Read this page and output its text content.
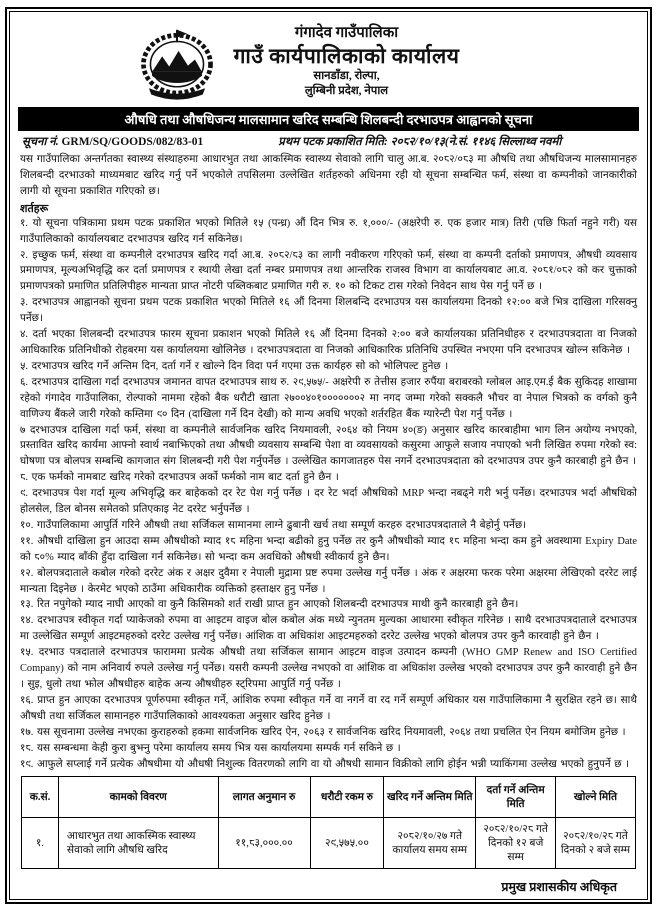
गंगादेव गाउँपालिका
गाउँ कार्यपालिकाको कार्यालय
सानडाँडा, रोल्पा,
लुम्बिनी प्रदेश, नेपाल
औषधि तथा औषधिजन्य मालसामान खरिद सम्बन्धि शिलबन्दी दरभाउपत्र आह्वानको सूचना
सूचना नं. GRM/SQ/GOODS/082/83-01	प्रथम पटक प्रकाशित मिति: २०८२/१०/१३(ने.सं. ११४६ सिल्लाथ्व नवमी

यस गाउँपालिका अन्तर्गतका स्वास्थ्य संस्थाहरुमा आधारभुत तथा आकस्मिक स्वास्थ्य सेवाको लागि चालु आ.ब. २०८२/०८३ मा औषधि तथा औषधिजन्य मालसामानहरु शिलबन्दी दरभाउको माध्यमबाट खरिद गर्नु पर्ने भएकोले तपसिलमा उल्लेखित शर्तहरुको अधिनमा रही यो सूचना सम्बन्धित फर्म, संस्था वा कम्पनीको जानकारीको लागी यो सूचना प्रकाशित गरिएको छ।

शर्तहरू

१. यो सूचना पत्रिकामा प्रथम पटक प्रकाशित भएको मितिले १५ (पन्ध्र) औं दिन भित्र रु. १,०००/- (अक्षरेपी रु. एक हजार मात्र) तिरी (पछि फिर्ता नहुने गरी) यस गाउँपालिकाको कार्यालयबाट दरभाउपत्र खरिद गर्न सकिनेछ।

२. इच्छुक फर्म, संस्था वा कम्पनीले दरभाउपत्र खरिद गर्दा आ.ब. २०८२/८३ का लागी नवीकरण गरिएको फर्म, संस्था वा कम्पनी दर्ताको प्रमाणपत्र, औषधी व्यवसाय प्रमाणपत्र, मूल्यअभिवृद्धि कर दर्ता प्रमाणपत्र र स्थायी लेखा दर्ता नम्बर प्रमाणपत्र तथा आन्तरिक राजस्व विभाग वा कार्यालयबाट आ.व. २०८१/०८२ को कर चुक्ताको प्रमाणपत्रको प्रमाणित प्रतिलिपीहरु मान्यता प्राप्त नोटरी पब्लिकबाट प्रमाणित गरी रु. १० को टिकट टास गरेको निवेदन साथ पेस गर्नु पर्ने छ ।

३. दरभाउपत्र आह्वानको सूचना प्रथम पटक प्रकाशित भएको मितिले १६ औं दिनमा शिलबन्दि दरभाउपत्र यस कार्यालयमा दिनको १२:०० बजे भित्र दाखिला गरिसक्नु पर्नेछ।

४. दर्ता भएका शिलबन्दी दरभाउपत्र फारम सूचना प्रकाशन भएको मितिले १६ औं दिनमा दिनको २:०० बजे कार्यालयका प्रतिनिधीहरु र दरभाउपत्रदाता वा निजको आधिकारिक प्रतिनिधीको रोहबरमा यस कार्यालयमा खोलिनेछ । दरभाउपत्रदाता वा निजको आधिकारिक प्रतिनिधि उपस्थित नभएमा पनि दरभाउपत्र खोल्न सकिनेछ ।

५. दरभाउपत्र खरिद गर्ने अन्तिम दिन, दर्ता गर्ने र खोल्ने दिन विदा पर्न गएमा उक्त कार्यहरु सो को भोलिपल्ट हुनेछ ।

६. दरभाउपत्र दाखिला गर्दा दरभाउपत्र जमानत वापत दरभाउपत्र साथ रु. २९,५७५/- अक्षरेपी रु तेत्तीस हजार रुपैंया बराबरको ग्लोबल आइ.एम.ई बैक सुकिदह शाखामा रहेको गंगादेव गाउँपालिका, रोल्पाको नाममा रहेको बैक धरौटी खाता २७००४०१०००००००२ मा नगद जम्मा गरेको सक्कलै भौचर वा नेपाल भित्रको क वर्गको कुनै वाणिज्य बैंकले जारी गरेको कम्तिमा ९० दिन (दाखिला गर्ने दिन देखी) को मान्य अवधि भएको शर्तरहित बैंक ग्यारेन्टी पेश गर्नु पर्नेछ ।

७ दरभाउपत्र दाखिला गर्दा फर्म, संस्था वा कम्पनीले सार्वजनिक खरिद नियमावली, २०६४ को नियम ४०(ङ) अनुसार खरिद कारबाहीमा भाग लिन अयोग्य नभएको, प्रस्तावित खरिद कार्यमा आफ्नो स्वार्थ नबाझिएको तथा औषधी व्यवसाय सम्बन्धि पेशा वा व्यवसायको कसुरमा आफुले सजाय नपाएको भनी लिखित रुपमा गरेको स्व: घोषणा पत्र बोलपत्र सम्बन्धि कागजात संग शिलबन्दी गरी पेश गर्नुपर्नेछ । उल्लेखित कागजातहरु पेस नगर्ने दरभाउपत्रदाता को दरभाउपत्र उपर कुनै कारबाही हुने छैन ।

८. एक फर्मको नामबाट खरिद गरेको दरभाउपत्र अर्को फर्मको नाम बाट दर्ता हुने छैन ।

९. दरभाउपत्र पेश गर्दा मूल्य अभिवृद्धि कर बाहेकको दर रेट पेश गर्नु पर्नेछ । दर रेट भर्दा औषधिको MRP भन्दा नबढ्ने गरी भर्नु पर्नेछ। दरभाउपत्र भर्दा औषधिको होलसेल, डिल बोनस समेतको प्रतिएकाइ नेट दररेट भर्नुपर्नेछ ।

१०. गाउँपालिकामा आपुर्ति गरिने औषधी तथा सर्जिकल सामानमा लाग्ने ढुबानी खर्च तथा सम्पूर्ण करहरु दरभाउपत्रदाताले नै बेहोर्नु पर्नेछ।

११. औषधी दाखिला हुन आउदा सम्म औषधीको म्याद १८ महिना भन्दा बढीको हुनु पर्नेछ तर कुनै औषधीको म्याद १८ महिना भन्दा कम हुने अवस्थामा Expiry Date को ८०% म्याद बाँकी हुँदा दाखिला गर्न सकिनेछ। सो भन्दा कम अवधिको औषधी स्वीकार्य हुने छैन।

१२. बोलपत्रदाताले कबोल गरेको दररेट अंक र अक्षर दुवैमा र नेपाली मुद्रामा प्रष्ट रुपमा उल्लेख गर्नु पर्नेछ । अंक र अक्षरमा फरक परेमा अक्षरमा लेखिएको दररेट लाई मान्यता दिइनेछ । केरमेट भएको ठाउँमा अधिकारीक व्यक्तिको हस्ताक्षर हुनु पर्नेछ ।

१३. रित नपुगेको म्याद नाघी आएको वा कुनै किसिमको शर्त राखी प्राप्त हुन आएको शिलबन्दी दरभाउपत्र माथी कुनै कारबाही हुने छैन।

१४. दरभाउपत्र स्वीकृत गर्दा प्याकेजको रुपमा वा आइटम वाइज बोल कबोल अंक मध्ये न्युनतम मुल्यका आधारमा स्वीकृत गरिनेछ । साथै दरभाउपत्रदाताले दरभाउपत्र मा उल्लेखित सम्पूर्ण आइटमहरुको दररेट उल्लेख गर्नु पर्नेछ। आंशिक वा अधिकांश आइटमहरुको दररेट उल्लेख भएको बोलपत्र उपर कुनै कारवाही हुने छैन ।

१५. दरभाउ पत्रदाताले दरभाउपत्र फाराममा प्रत्येक औषधी तथा सर्जिकल सामान आइटम वाइज उत्पादन कम्पनी (WHO GMP Renew and ISO Certified Company) को नाम अनिवार्य रुपले उल्लेख गर्नु पर्नेछ। यसरी कम्पनी उल्लेख नभएको वा आंशिक वा अधिकांश उल्लेख भएको दरभाउपत्र उपर कुनै कारवाही हुने छैन । सुइ, धुलो तथा झोल औषधीहरु बाहेक अन्य औषधीहरु स्ट्रिपमा आपुर्ति गर्नु पर्नेछ ।

१६. प्राप्त हुन आएका दरभाउपत्र पूर्णरुपमा स्वीकृत गर्ने, आंशिक रुपमा स्वीकृत गर्ने वा नगर्ने वा रद गर्ने सम्पूर्ण अधिकार यस गाउँपालिकामा नै सुरक्षित रहने छ। साथै औषधी तथा सर्जिकल सामानहरु गाउँपालिकाको आवश्यकता अनुसार खरिद हुनेछ ।

१७. यस सूचनामा उल्लेख नभएका कुराहरुको हकमा सार्वजनिक खरिद ऐन, २०६३ र सार्वजनिक खरिद नियमावली, २०६४ तथा प्रचलित ऐन नियम बमोजिम हुनेछ ।

१८. यस सम्बन्धमा केही कुरा बुझ्नु परेमा कार्यालय समय भित्र यस कार्यालयमा सम्पर्क गर्न सकिने छ ।

१९. आफुले सप्लाई गर्ने प्रत्येक औषधीमा यो औधषी निशुल्क वितरणको लागि वा यो औषधी सामान विक्रीको लागि होईन भन्नी प्याकिंगमा उल्लेख भएको हुनुपर्ने छ ।

क.सं.	कामको विवरण	लागत अनुमान रु	धरौटी रकम रु	खरिद गर्ने अन्तिम मिति	दर्ता गर्ने अन्तिम मिति	खोल्ने मिति
१.	आधारभुत तथा आकस्मिक स्वास्थ्य सेवाको लागि औषधि खरिद	११,८३,०००.००	२९,५७५.००	२०८२/१०/२७ गते कार्यालय समय सम्म	२०८२/१०/२८ गते दिनको १२ बजे सम्म	२०८२/१०/२८ गते दिनको २ बजे सम्म
प्रमुख प्रशासकीय अधिकृत
